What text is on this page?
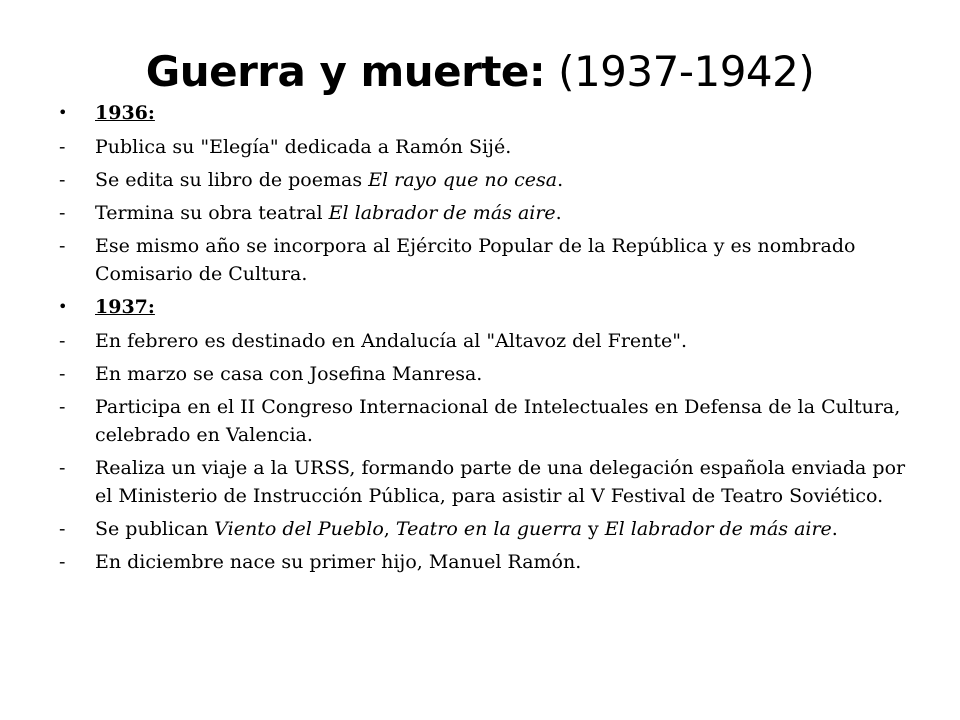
Guerra y muerte: (1937-1942)
• 1936:
- Publica su "Elegía" dedicada a Ramón Sijé.
- Se edita su libro de poemas El rayo que no cesa.
- Termina su obra teatral El labrador de más aire.
- Ese mismo año se incorpora al Ejército Popular de la República y es nombrado Comisario de Cultura.
• 1937:
- En febrero es destinado en Andalucía al "Altavoz del Frente".
- En marzo se casa con Josefina Manresa.
- Participa en el II Congreso Internacional de Intelectuales en Defensa de la Cultura, celebrado en Valencia.
- Realiza un viaje a la URSS, formando parte de una delegación española enviada por el Ministerio de Instrucción Pública, para asistir al V Festival de Teatro Soviético.
- Se publican Viento del Pueblo, Teatro en la guerra y El labrador de más aire.
- En diciembre nace su primer hijo, Manuel Ramón.
